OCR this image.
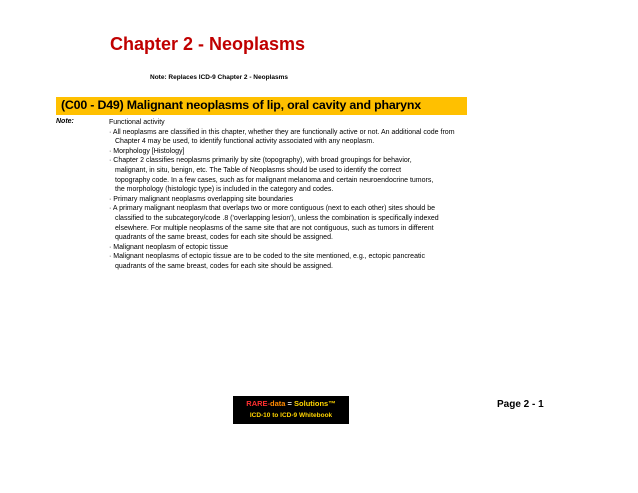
Chapter 2 - Neoplasms
Note: Replaces ICD-9 Chapter 2 - Neoplasms
(C00 - D49) Malignant neoplasms of lip, oral cavity and pharynx
Note:	Functional activity
· All neoplasms are classified in this chapter, whether they are functionally active or not. An additional code from
Chapter 4 may be used, to identify functional activity associated with any neoplasm.
· Morphology [Histology]
· Chapter 2 classifies neoplasms primarily by site (topography), with broad groupings for behavior,
malignant, in situ, benign, etc. The Table of Neoplasms should be used to identify the correct
topography code. In a few cases, such as for malignant melanoma and certain neuroendocrine tumors,
the morphology (histologic type) is included in the category and codes.
· Primary malignant neoplasms overlapping site boundaries
· A primary malignant neoplasm that overlaps two or more contiguous (next to each other) sites should be
classified to the subcategory/code .8 ('overlapping lesion'), unless the combination is specifically indexed
elsewhere. For multiple neoplasms of the same site that are not contiguous, such as tumors in different
quadrants of the same breast, codes for each site should be assigned.
· Malignant neoplasm of ectopic tissue
· Malignant neoplasms of ectopic tissue are to be coded to the site mentioned, e.g., ectopic pancreatic
quadrants of the same breast, codes for each site should be assigned.
RARE-data = Solutions™
ICD-10 to ICD-9 Whitebook
Page 2 - 1
